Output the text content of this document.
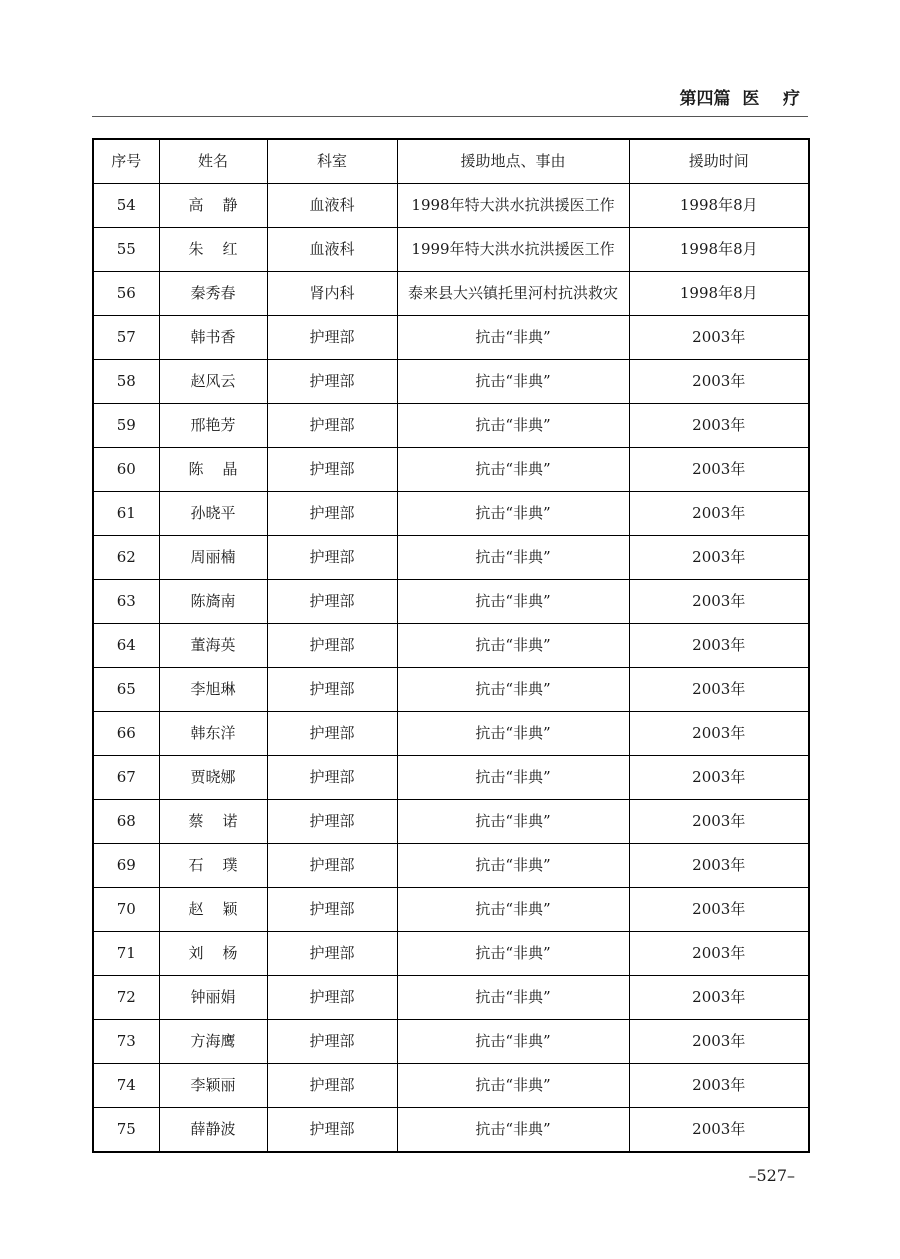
第四篇  医    疗
序号	姓名	科室	援助地点、事由	援助时间
54	高    静	血液科	1998年特大洪水抗洪援医工作	1998年8月
55	朱    红	血液科	1999年特大洪水抗洪援医工作	1998年8月
56	秦秀春	肾内科	泰来县大兴镇托里河村抗洪救灾	1998年8月
57	韩书香	护理部	抗击“非典”	2003年
58	赵风云	护理部	抗击“非典”	2003年
59	邢艳芳	护理部	抗击“非典”	2003年
60	陈    晶	护理部	抗击“非典”	2003年
61	孙晓平	护理部	抗击“非典”	2003年
62	周丽楠	护理部	抗击“非典”	2003年
63	陈旖南	护理部	抗击“非典”	2003年
64	董海英	护理部	抗击“非典”	2003年
65	李旭琳	护理部	抗击“非典”	2003年
66	韩东洋	护理部	抗击“非典”	2003年
67	贾晓娜	护理部	抗击“非典”	2003年
68	蔡    诺	护理部	抗击“非典”	2003年
69	石    璞	护理部	抗击“非典”	2003年
70	赵    颖	护理部	抗击“非典”	2003年
71	刘    杨	护理部	抗击“非典”	2003年
72	钟丽娟	护理部	抗击“非典”	2003年
73	方海鹰	护理部	抗击“非典”	2003年
74	李颖丽	护理部	抗击“非典”	2003年
75	薛静波	护理部	抗击“非典”	2003年
–527–
